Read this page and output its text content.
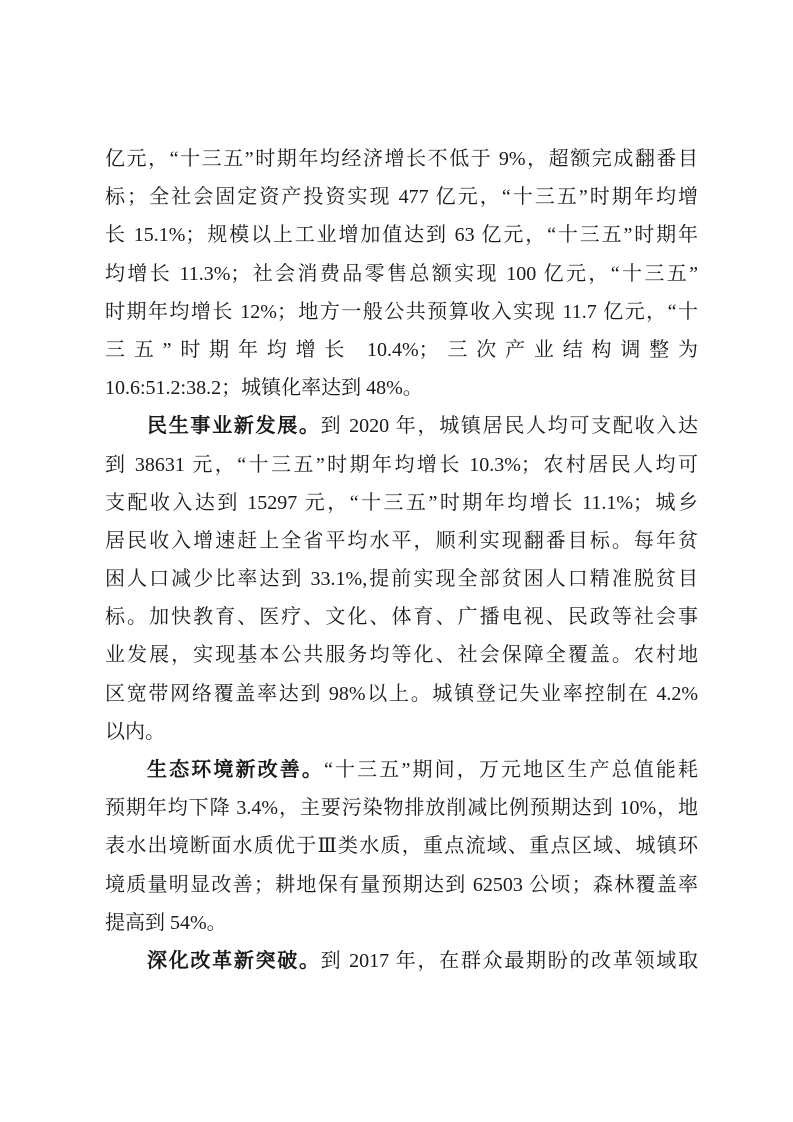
亿元，“十三五”时期年均经济增长不低于 9%，超额完成翻番目
标；全社会固定资产投资实现 477 亿元，“十三五”时期年均增
长 15.1%；规模以上工业增加值达到 63 亿元，“十三五”时期年
均增长 11.3%；社会消费品零售总额实现 100 亿元，“十三五”
时期年均增长 12%；地方一般公共预算收入实现 11.7 亿元，“十
三五”时期年均增长 10.4%；三次产业结构调整为
10.6:51.2:38.2；城镇化率达到 48%。
民生事业新发展。到 2020 年，城镇居民人均可支配收入达
到 38631 元，“十三五”时期年均增长 10.3%；农村居民人均可
支配收入达到 15297 元，“十三五”时期年均增长 11.1%；城乡
居民收入增速赶上全省平均水平，顺利实现翻番目标。每年贫
困人口减少比率达到 33.1%,提前实现全部贫困人口精准脱贫目
标。加快教育、医疗、文化、体育、广播电视、民政等社会事
业发展，实现基本公共服务均等化、社会保障全覆盖。农村地
区宽带网络覆盖率达到 98%以上。城镇登记失业率控制在 4.2%
以内。
生态环境新改善。“十三五”期间，万元地区生产总值能耗
预期年均下降 3.4%，主要污染物排放削减比例预期达到 10%，地
表水出境断面水质优于Ⅲ类水质，重点流域、重点区域、城镇环
境质量明显改善；耕地保有量预期达到 62503 公顷；森林覆盖率
提高到 54%。
深化改革新突破。到 2017 年，在群众最期盼的改革领域取
